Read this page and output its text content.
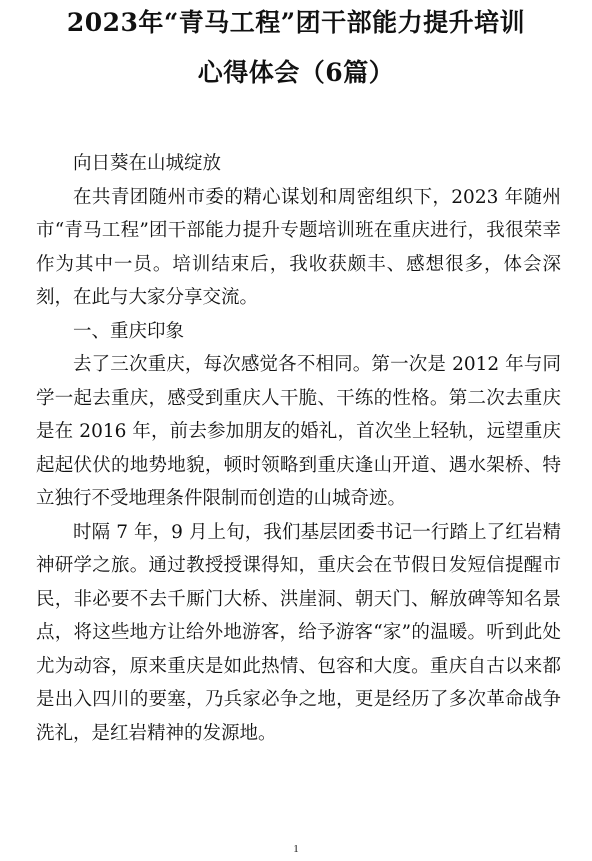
2023年“青马工程”团干部能力提升培训
心得体会（6篇）

向日葵在山城绽放

在共青团随州市委的精心谋划和周密组织下，2023 年随州市“青马工程”团干部能力提升专题培训班在重庆进行，我很荣幸作为其中一员。培训结束后，我收获颇丰、感想很多，体会深刻，在此与大家分享交流。

一、重庆印象

去了三次重庆，每次感觉各不相同。第一次是 2012 年与同学一起去重庆，感受到重庆人干脆、干练的性格。第二次去重庆是在 2016 年，前去参加朋友的婚礼，首次坐上轻轨，远望重庆起起伏伏的地势地貌，顿时领略到重庆逢山开道、遇水架桥、特立独行不受地理条件限制而创造的山城奇迹。

时隔 7 年，9 月上旬，我们基层团委书记一行踏上了红岩精神研学之旅。通过教授授课得知，重庆会在节假日发短信提醒市民，非必要不去千厮门大桥、洪崖洞、朝天门、解放碑等知名景点，将这些地方让给外地游客，给予游客“家”的温暖。听到此处尤为动容，原来重庆是如此热情、包容和大度。重庆自古以来都是出入四川的要塞，乃兵家必争之地，更是经历了多次革命战争洗礼，是红岩精神的发源地。

1
